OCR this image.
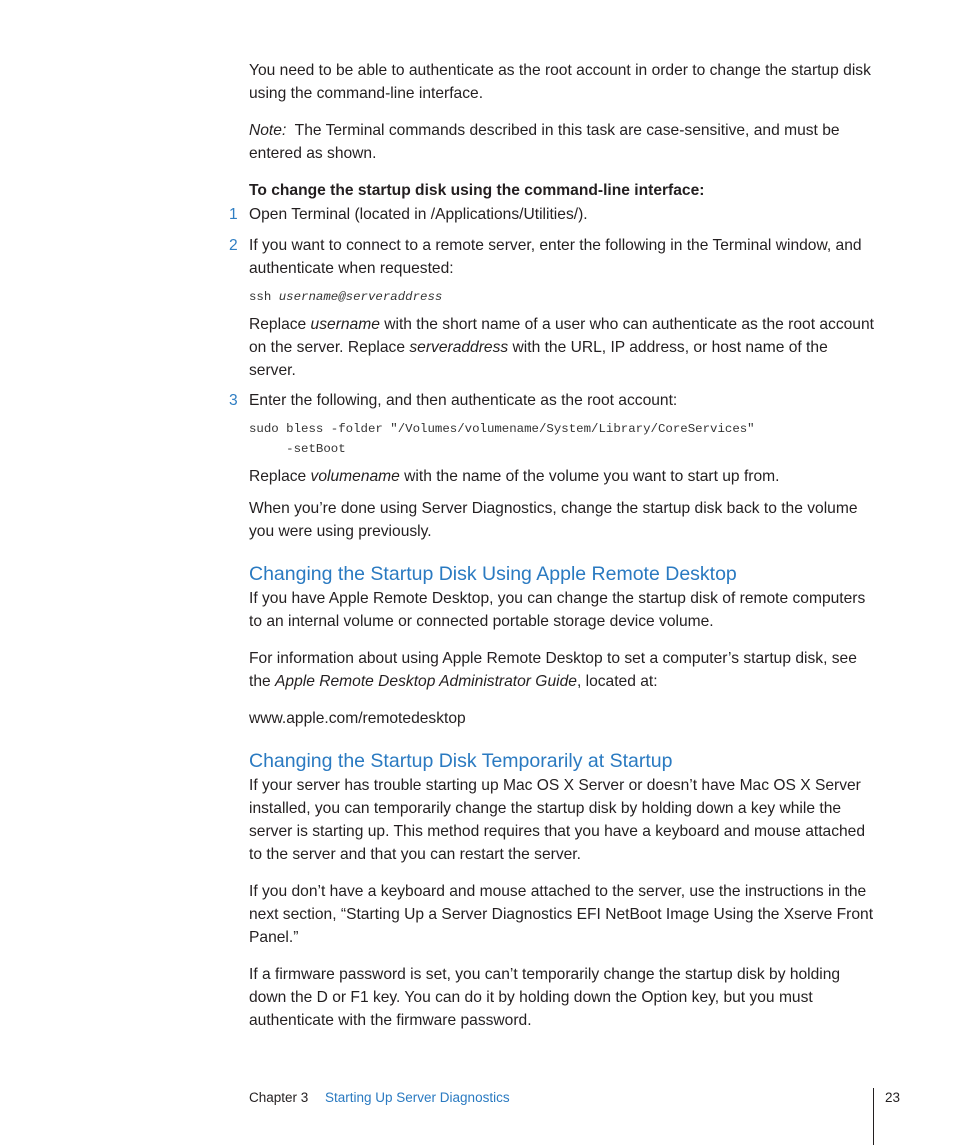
You need to be able to authenticate as the root account in order to change the startup disk using the command-line interface.

Note: The Terminal commands described in this task are case-sensitive, and must be entered as shown.

To change the startup disk using the command-line interface:

1 Open Terminal (located in /Applications/Utilities/).

2 If you want to connect to a remote server, enter the following in the Terminal window, and authenticate when requested:

ssh username@serveraddress

Replace username with the short name of a user who can authenticate as the root account on the server. Replace serveraddress with the URL, IP address, or host name of the server.

3 Enter the following, and then authenticate as the root account:

sudo bless -folder "/Volumes/volumename/System/Library/CoreServices"
-setBoot

Replace volumename with the name of the volume you want to start up from.

When you’re done using Server Diagnostics, change the startup disk back to the volume you were using previously.

Changing the Startup Disk Using Apple Remote Desktop

If you have Apple Remote Desktop, you can change the startup disk of remote computers to an internal volume or connected portable storage device volume.

For information about using Apple Remote Desktop to set a computer’s startup disk, see the Apple Remote Desktop Administrator Guide, located at:

www.apple.com/remotedesktop

Changing the Startup Disk Temporarily at Startup

If your server has trouble starting up Mac OS X Server or doesn’t have Mac OS X Server installed, you can temporarily change the startup disk by holding down a key while the server is starting up. This method requires that you have a keyboard and mouse attached to the server and that you can restart the server.

If you don’t have a keyboard and mouse attached to the server, use the instructions in the next section, “Starting Up a Server Diagnostics EFI NetBoot Image Using the Xserve Front Panel.”

If a firmware password is set, you can’t temporarily change the startup disk by holding down the D or F1 key. You can do it by holding down the Option key, but you must authenticate with the firmware password.

Chapter 3 Starting Up Server Diagnostics	23
